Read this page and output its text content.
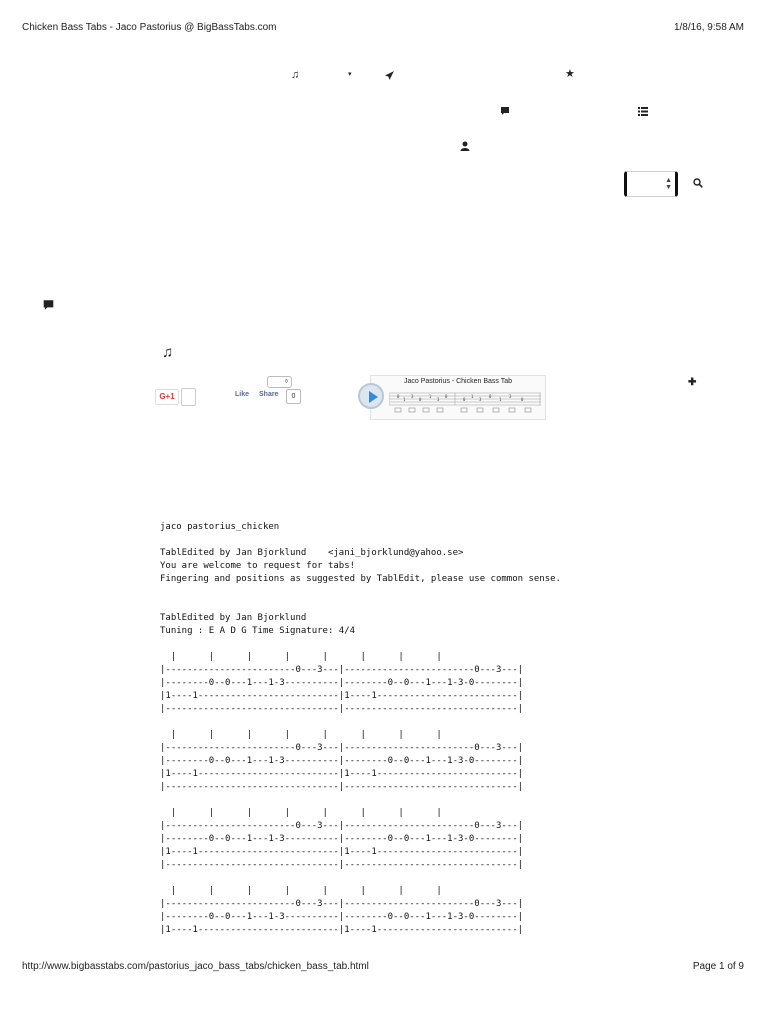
Chicken Bass Tabs - Jaco Pastorius @ BigBassTabs.com	1/8/16, 9:58 AM
♫	▾	★
▲
▼
♫
G+1
◊
Like Share	0
Jaco Pastorius - Chicken Bass Tab
0
1
3
0
1
3
0
0
1
3
0
1
3
0
✚
jaco pastorius_chicken

TablEdited by Jan Bjorklund    <jani_bjorklund@yahoo.se>
You are welcome to request for tabs!
Fingering and positions as suggested by TablEdit, please use common sense.

TablEdited by Jan Bjorklund
Tuning : E A D G Time Signature: 4/4

|      |      |      |      |      |      |      |
|------------------------0---3---|------------------------0---3---|
|--------0--0---1---1-3----------|--------0--0---1---1-3-0--------|
|1----1--------------------------|1----1--------------------------|
|--------------------------------|--------------------------------|

|      |      |      |      |      |      |      |
|------------------------0---3---|------------------------0---3---|
|--------0--0---1---1-3----------|--------0--0---1---1-3-0--------|
|1----1--------------------------|1----1--------------------------|
|--------------------------------|--------------------------------|

|      |      |      |      |      |      |      |
|------------------------0---3---|------------------------0---3---|
|--------0--0---1---1-3----------|--------0--0---1---1-3-0--------|
|1----1--------------------------|1----1--------------------------|
|--------------------------------|--------------------------------|

|      |      |      |      |      |      |      |
|------------------------0---3---|------------------------0---3---|
|--------0--0---1---1-3----------|--------0--0---1---1-3-0--------|
|1----1--------------------------|1----1--------------------------|
http://www.bigbasstabs.com/pastorius_jaco_bass_tabs/chicken_bass_tab.html	Page 1 of 9
